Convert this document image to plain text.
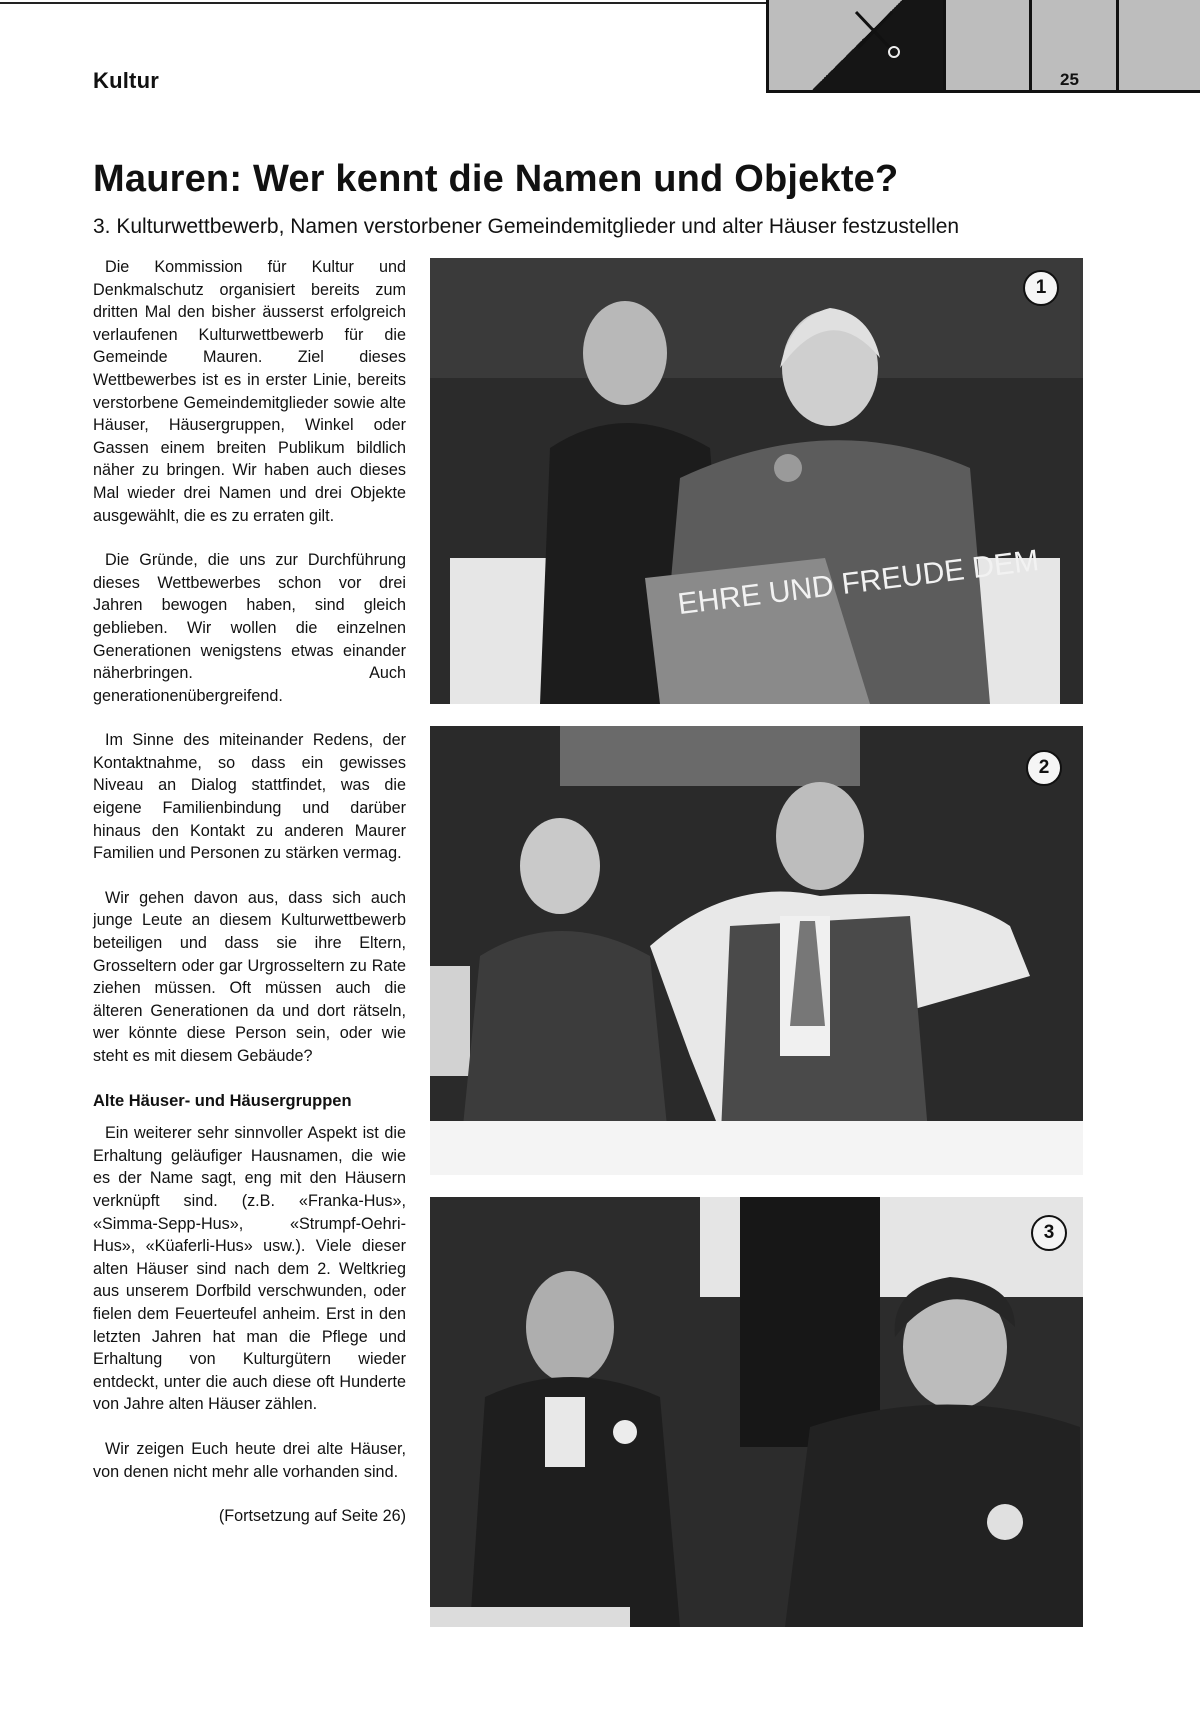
Kultur	25
Mauren: Wer kennt die Namen und Objekte?
3. Kulturwettbewerb, Namen verstorbener Gemeindemitglieder und alter Häuser festzustellen

Die Kommission für Kultur und Denkmalschutz organisiert bereits zum dritten Mal den bisher äusserst erfolgreich verlaufenen Kulturwettbewerb für die Gemeinde Mauren. Ziel dieses Wettbewerbes ist es in erster Linie, bereits verstorbene Gemeindemitglieder sowie alte Häuser, Häusergruppen, Winkel oder Gassen einem breiten Publikum bildlich näher zu bringen. Wir haben auch dieses Mal wieder drei Namen und drei Objekte ausgewählt, die es zu erraten gilt.

Die Gründe, die uns zur Durchführung dieses Wettbewerbes schon vor drei Jahren bewogen haben, sind gleich geblieben. Wir wollen die einzelnen Generationen wenigstens etwas einander näherbringen. Auch generationenübergreifend.

Im Sinne des miteinander Redens, der Kontaktnahme, so dass ein gewisses Niveau an Dialog stattfindet, was die eigene Familienbindung und darüber hinaus den Kontakt zu anderen Maurer Familien und Personen zu stärken vermag.

Wir gehen davon aus, dass sich auch junge Leute an diesem Kulturwettbewerb beteiligen und dass sie ihre Eltern, Grosseltern oder gar Urgrosseltern zu Rate ziehen müssen. Oft müssen auch die älteren Generationen da und dort rätseln, wer könnte diese Person sein, oder wie steht es mit diesem Gebäude?

Alte Häuser- und Häusergruppen

Ein weiterer sehr sinnvoller Aspekt ist die Erhaltung geläufiger Hausnamen, die wie es der Name sagt, eng mit den Häusern verknüpft sind. (z.B. «Franka-Hus», «Simma-Sepp-Hus», «Strumpf-Oehri-Hus», «Küaferli-Hus» usw.). Viele dieser alten Häuser sind nach dem 2. Weltkrieg aus unserem Dorfbild verschwunden, oder fielen dem Feuerteufel anheim. Erst in den letzten Jahren hat man die Pflege und Erhaltung von Kulturgütern wieder entdeckt, unter die auch diese oft Hunderte von Jahre alten Häuser zählen.

Wir zeigen Euch heute drei alte Häuser, von denen nicht mehr alle vorhanden sind.

(Fortsetzung auf Seite 26)

EHRE UND FREUDE DEM
1
2
3
